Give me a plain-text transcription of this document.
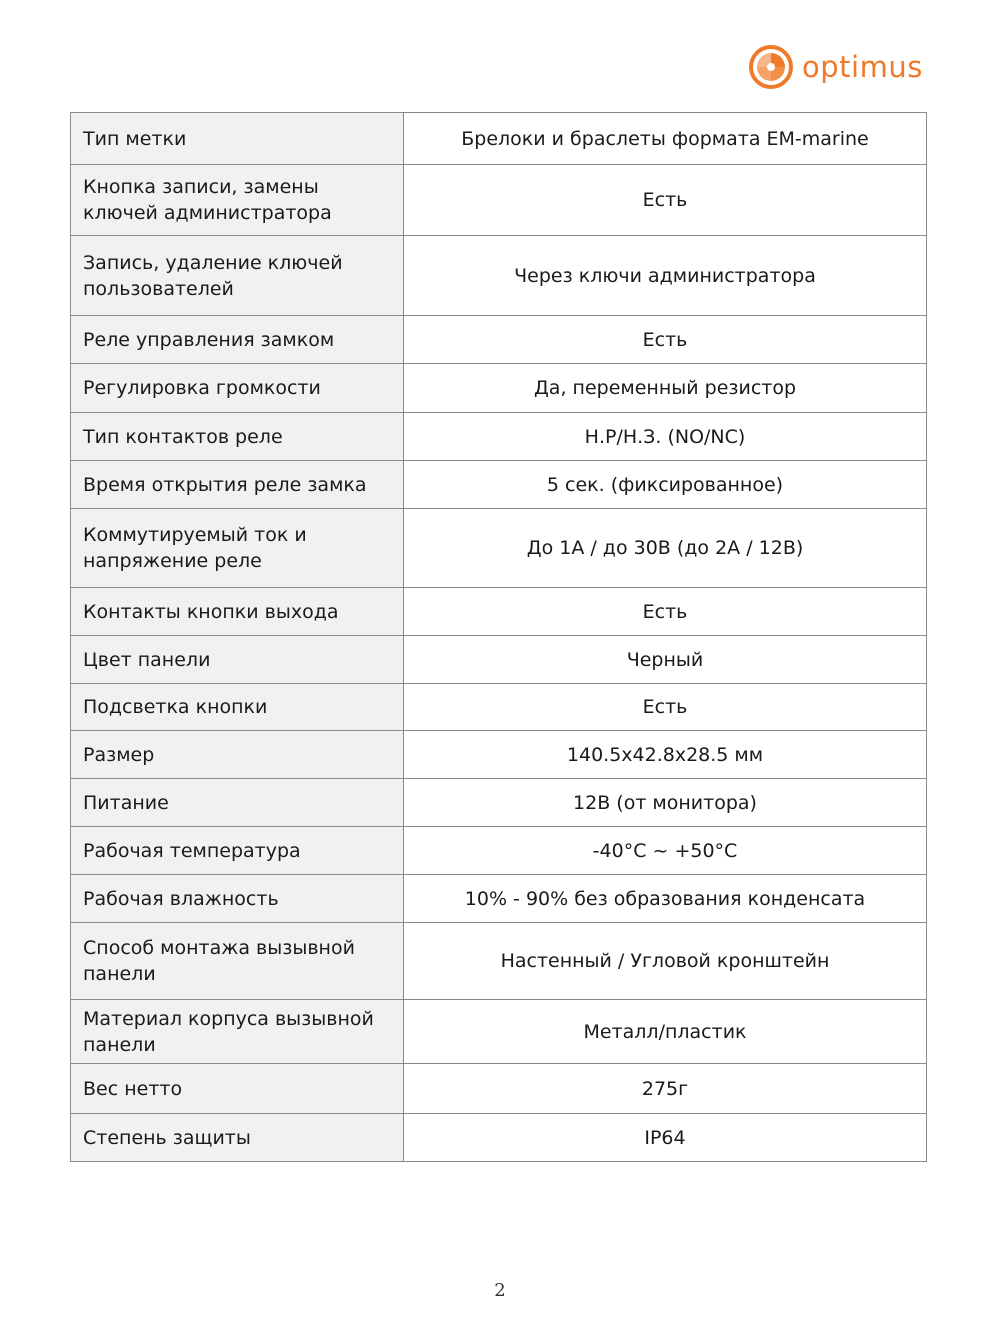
optimus
Тип метки	Брелоки и браслеты формата EM-marine
Кнопка записи, замены ключей администратора	Есть
Запись, удаление ключей пользователей	Через ключи администратора
Реле управления замком	Есть
Регулировка громкости	Да, переменный резистор
Тип контактов реле	Н.Р/Н.З. (NO/NC)
Время открытия реле замка	5 сек. (фиксированное)
Коммутируемый ток и напряжение реле	До 1А / до 30В (до 2А / 12В)
Контакты кнопки выхода	Есть
Цвет панели	Черный
Подсветка кнопки	Есть
Размер	140.5x42.8x28.5 мм
Питание	12В (от монитора)
Рабочая температура	-40°C ~ +50°C
Рабочая влажность	10% - 90% без образования конденсата
Способ монтажа вызывной панели	Настенный / Угловой кронштейн
Материал корпуса вызывной панели	Металл/пластик
Вес нетто	275г
Степень защиты	IP64
2
